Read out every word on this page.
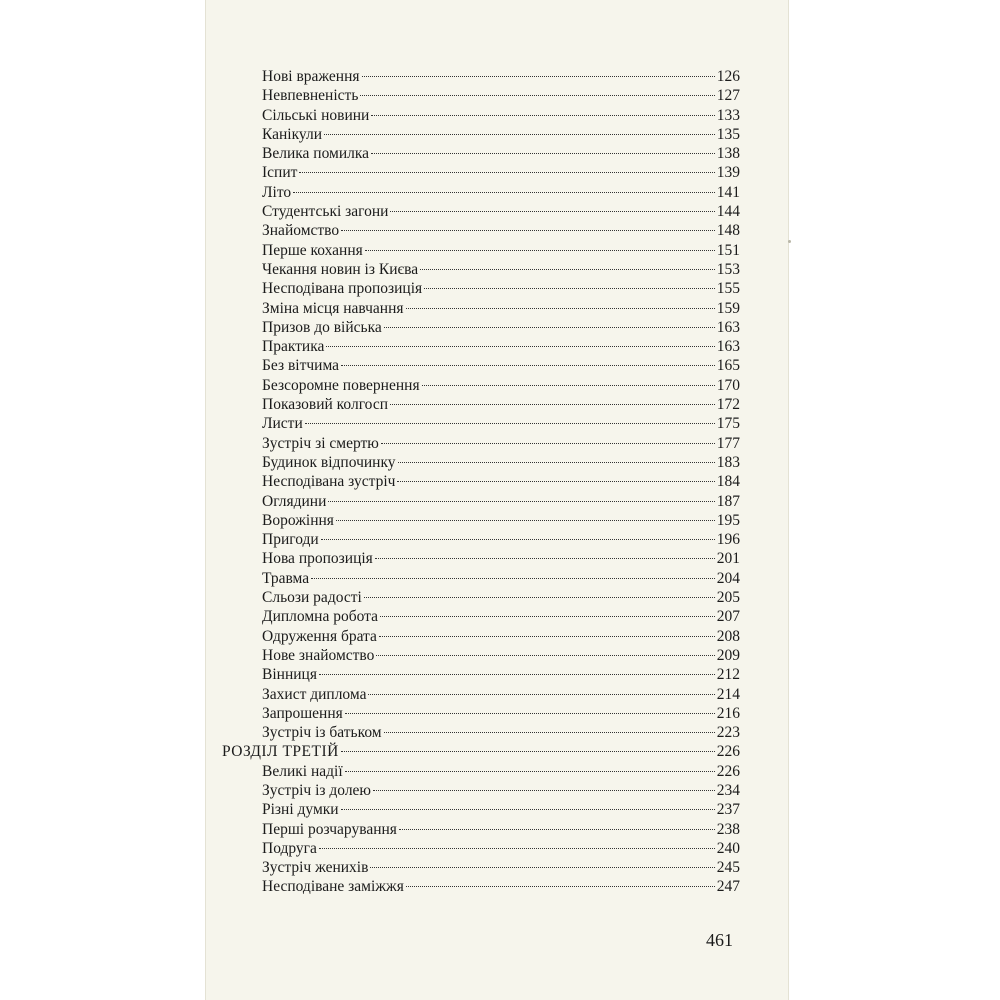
Нові враження	126
Невпевненість	127
Сільські новини	133
Канікули	135
Велика помилка	138
Іспит	139
Літо	141
Студентські загони	144
Знайомство	148
Перше кохання	151
Чекання новин із Києва	153
Несподівана пропозиція	155
Зміна місця навчання	159
Призов до війська	163
Практика	163
Без вітчима	165
Безсоромне повернення	170
Показовий колгосп	172
Листи	175
Зустріч зі смертю	177
Будинок відпочинку	183
Несподівана зустріч	184
Оглядини	187
Ворожіння	195
Пригоди	196
Нова пропозиція	201
Травма	204
Сльози радості	205
Дипломна робота	207
Одруження брата	208
Нове знайомство	209
Вінниця	212
Захист диплома	214
Запрошення	216
Зустріч із батьком	223
РОЗДІЛ ТРЕТІЙ	226
Великі надії	226
Зустріч із долею	234
Різні думки	237
Перші розчарування	238
Подруга	240
Зустріч женихів	245
Несподіване заміжжя	247
461
